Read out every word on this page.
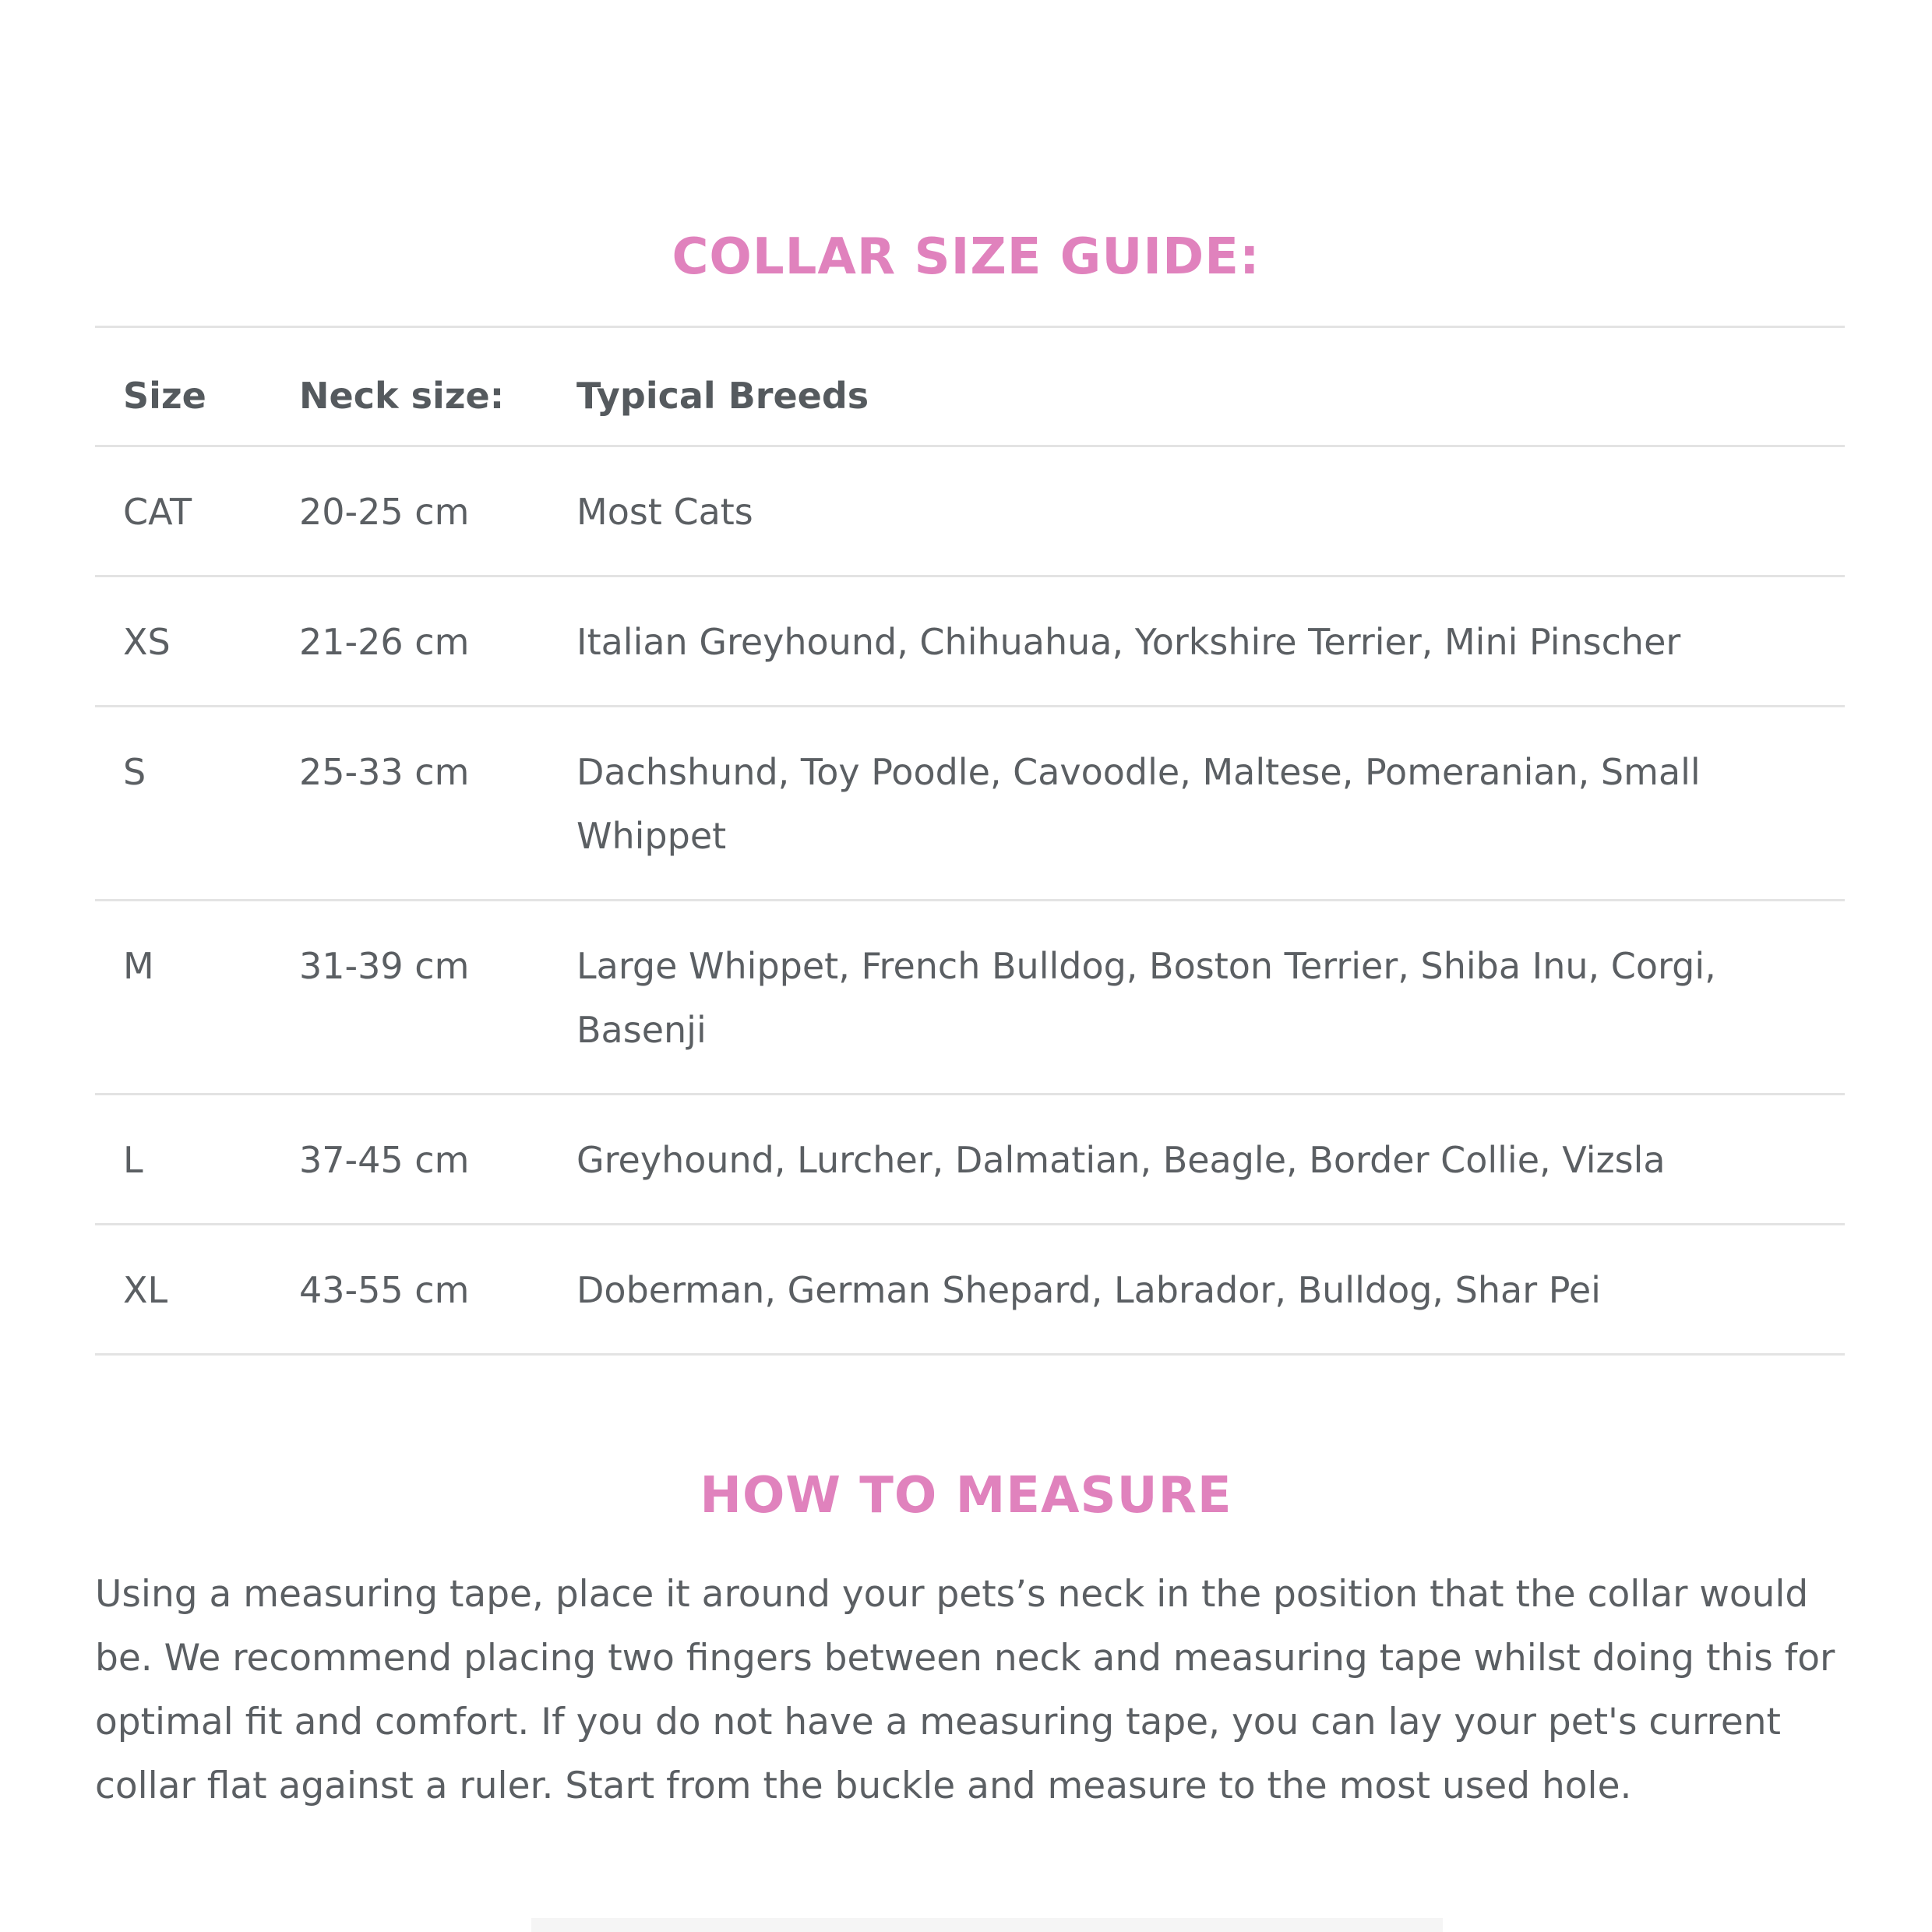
COLLAR SIZE GUIDE:
Size	Neck size:	Typical Breeds
CAT	20-25 cm	Most Cats
XS	21-26 cm	Italian Greyhound, Chihuahua, Yorkshire Terrier, Mini Pinscher
S	25-33 cm	Dachshund, Toy Poodle, Cavoodle, Maltese, Pomeranian, Small Whippet
M	31-39 cm	Large Whippet, French Bulldog, Boston Terrier, Shiba Inu, Corgi, Basenji
L	37-45 cm	Greyhound, Lurcher, Dalmatian, Beagle, Border Collie, Vizsla
XL	43-55 cm	Doberman, German Shepard, Labrador, Bulldog, Shar Pei
HOW TO MEASURE

Using a measuring tape, place it around your pets’s neck in the position that the collar would be. We recommend placing two fingers between neck and measuring tape whilst doing this for optimal fit and comfort. If you do not have a measuring tape, you can lay your pet's current collar flat against a ruler. Start from the buckle and measure to the most used hole.
